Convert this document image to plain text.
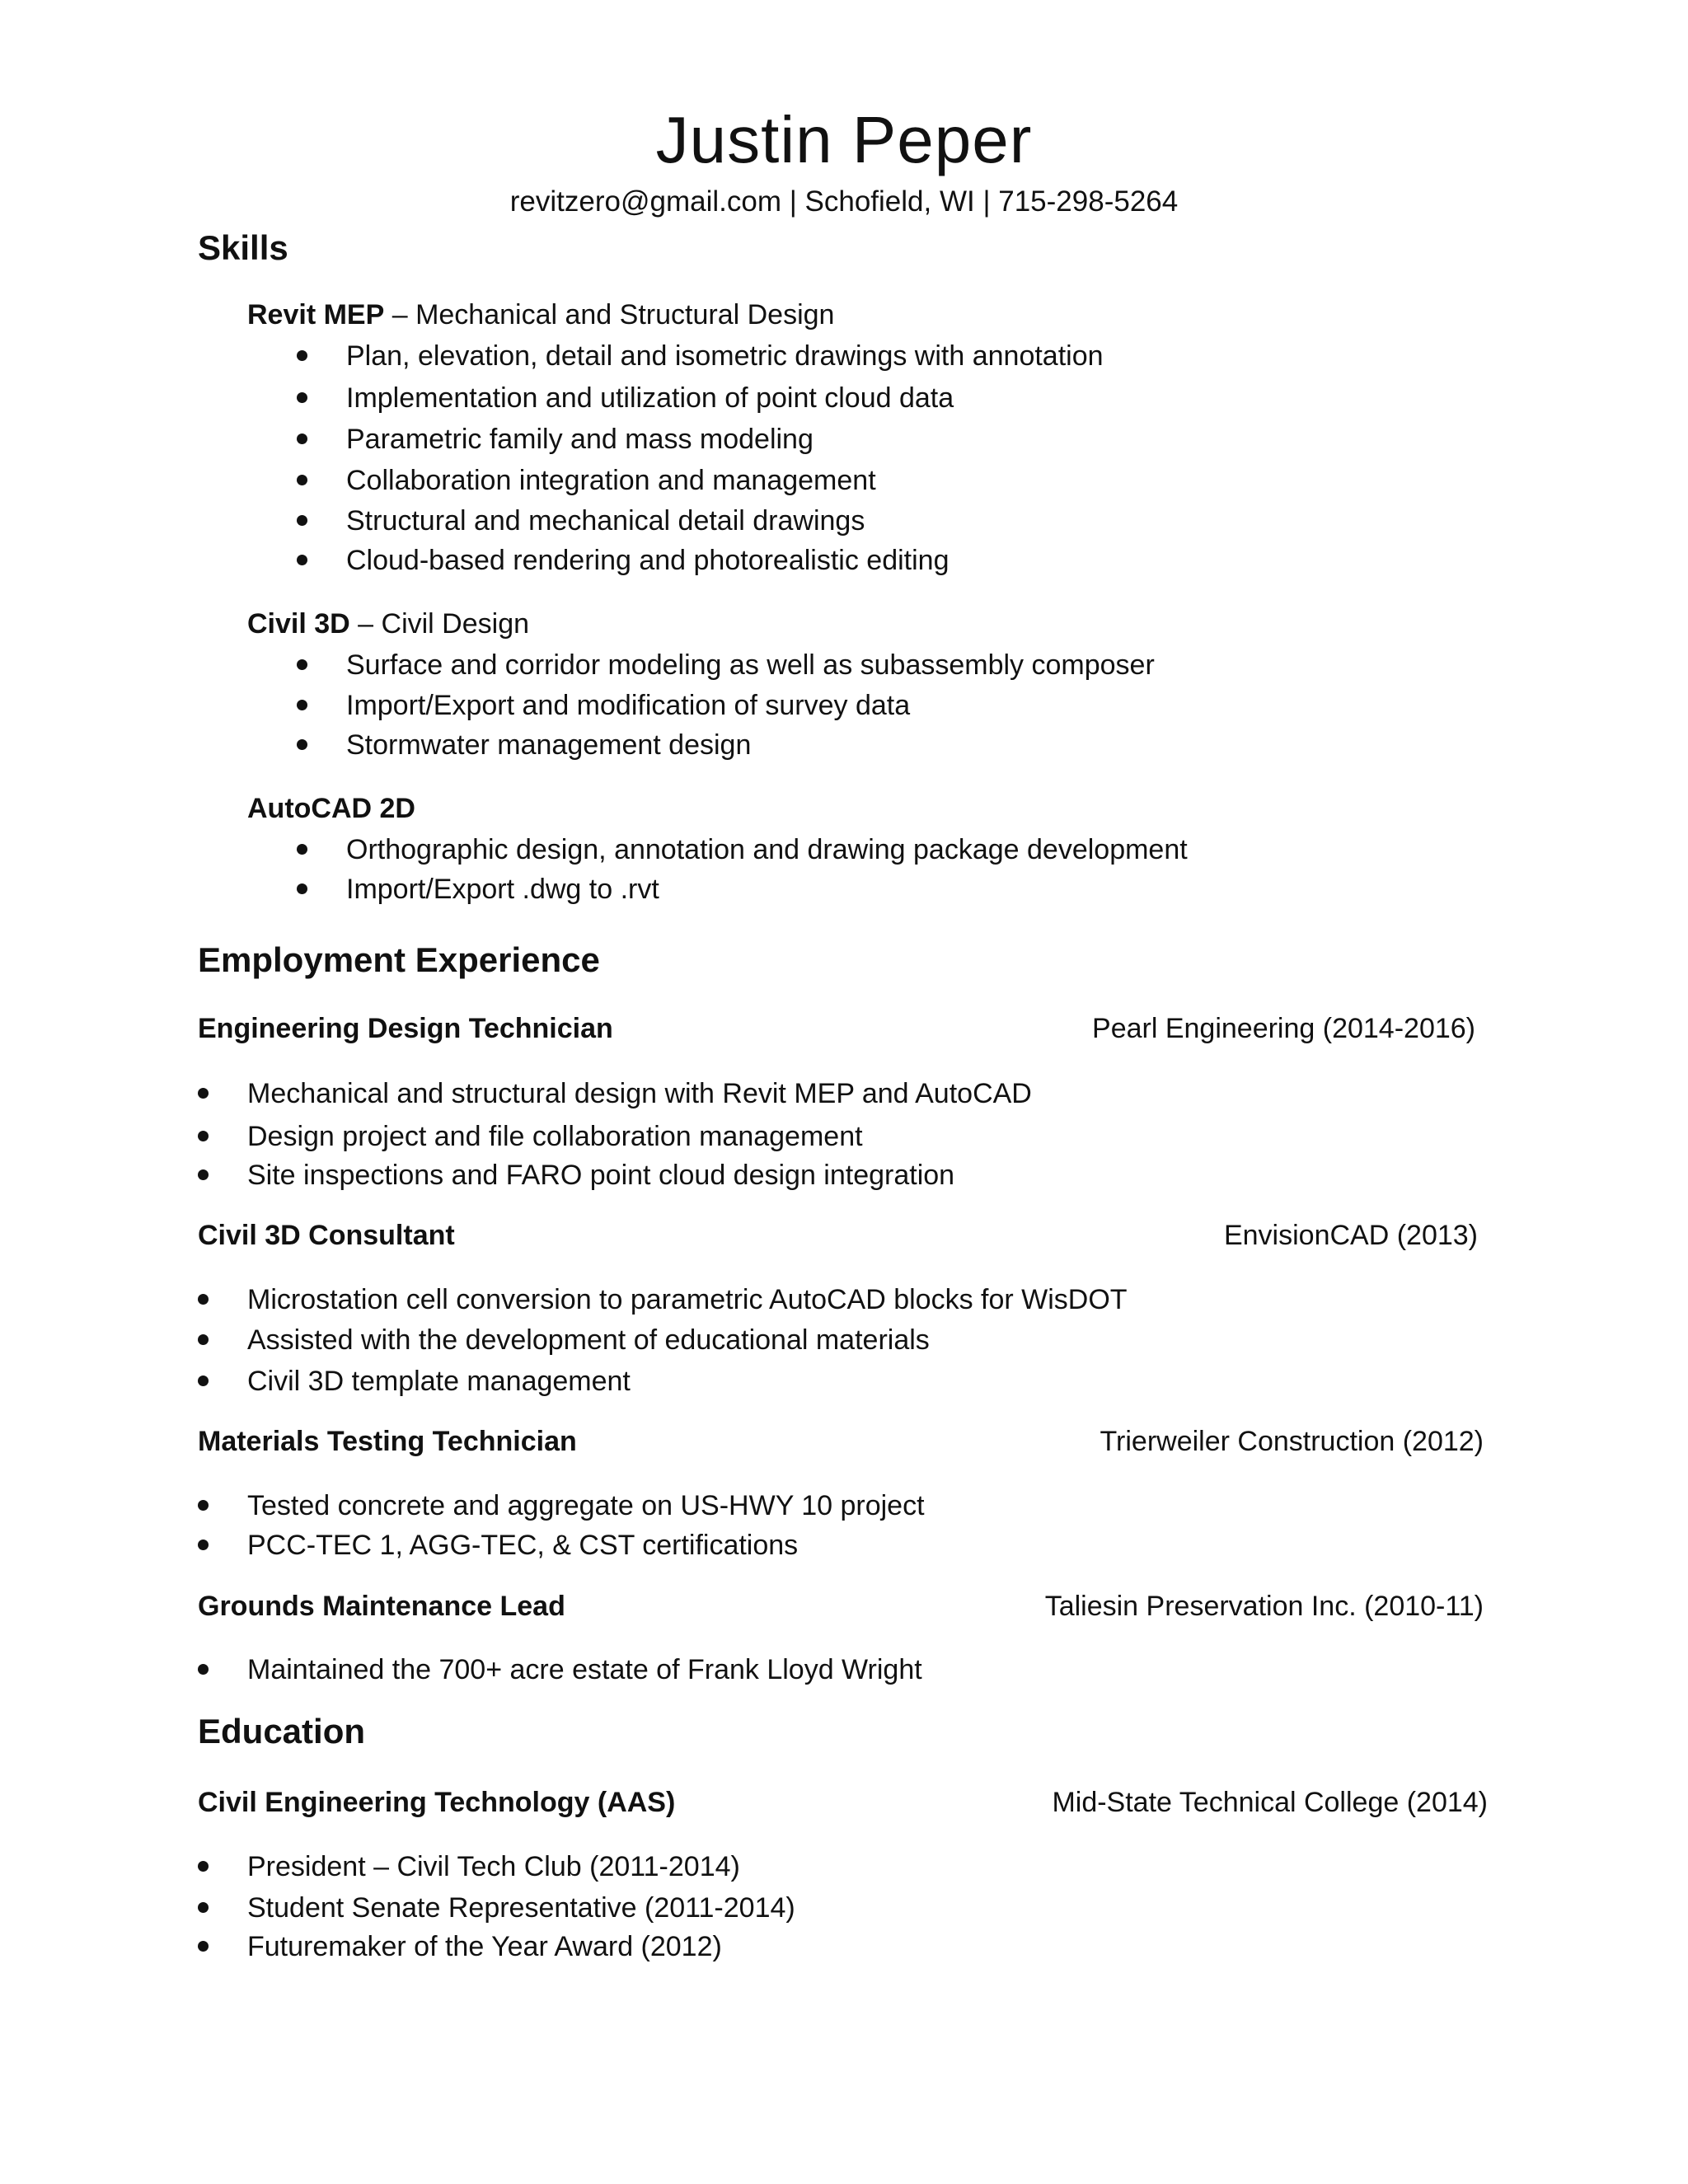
Justin Peper
revitzero@gmail.com | Schofield, WI | 715-298-5264
Skills
Revit MEP – Mechanical and Structural Design
Plan, elevation, detail and isometric drawings with annotation
Implementation and utilization of point cloud data
Parametric family and mass modeling
Collaboration integration and management
Structural and mechanical detail drawings
Cloud-based rendering and photorealistic editing
Civil 3D – Civil Design
Surface and corridor modeling as well as subassembly composer
Import/Export and modification of survey data
Stormwater management design
AutoCAD 2D
Orthographic design, annotation and drawing package development
Import/Export .dwg to .rvt
Employment Experience
Engineering Design Technician	Pearl Engineering (2014-2016)
Mechanical and structural design with Revit MEP and AutoCAD
Design project and file collaboration management
Site inspections and FARO point cloud design integration
Civil 3D Consultant	EnvisionCAD (2013)
Microstation cell conversion to parametric AutoCAD blocks for WisDOT
Assisted with the development of educational materials
Civil 3D template management
Materials Testing Technician	Trierweiler Construction (2012)
Tested concrete and aggregate on US-HWY 10 project
PCC-TEC 1, AGG-TEC, & CST certifications
Grounds Maintenance Lead	Taliesin Preservation Inc. (2010-11)
Maintained the 700+ acre estate of Frank Lloyd Wright
Education
Civil Engineering Technology (AAS)	Mid-State Technical College (2014)
President – Civil Tech Club (2011-2014)
Student Senate Representative (2011-2014)
Futuremaker of the Year Award (2012)
